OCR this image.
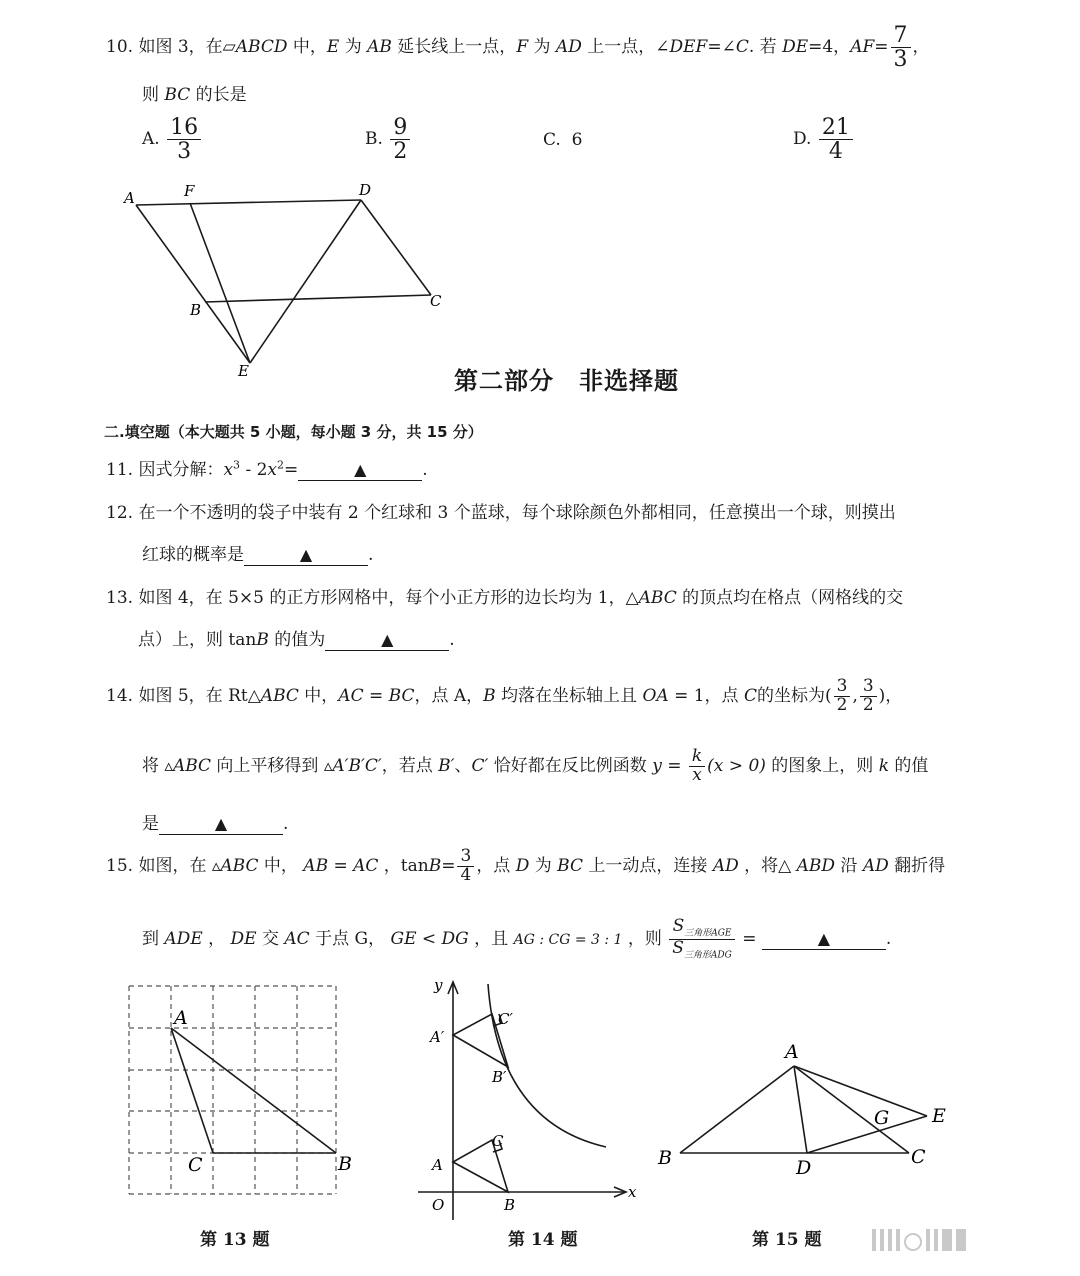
10. 如图 3，在▱ABCD 中，E 为 AB 延长线上一点，F 为 AD 上一点，∠DEF=∠C. 若 DE=4，$AF= \frac{7}{3}$ ，
则 BC 的长是
A. $\frac{16}{3}$	B. $\frac{9}{2}$	C. 6	D. $\frac{21}{4}$
A	F	D
B	C
E	第二部分　非选择题
二.填空题（本大题共 5 小题，每小题 3 分，共 15 分）
11. 因式分解：$x^3 - 2x^2=$	▲	.
12. 在一个不透明的袋子中装有 2 个红球和 3 个蓝球，每个球除颜色外都相同，任意摸出一个球，则摸出
红球的概率是	▲	.
13. 如图 4，在 5×5 的正方形网格中，每个小正方形的边长均为 1，△ABC 的顶点均在格点（网格线的交
点）上，则 tanB 的值为	▲	.
14. 如图 5，在 Rt△ABC 中，AC = BC，点 A，B 均落在坐标轴上且 OA = 1，点 C的坐标为( $\frac{3}{2}$ , $\frac{3}{2}$ )，
将 ▵ABC 向上平移得到 ▵A′B′C′，若点 B′、C′ 恰好都在反比例函数 $y = \frac{k}{x} (x > 0)$ 的图象上，则 k 的值
是	▲	.
15. 如图，在 ▵ABC 中， AB = AC ，$\tan B= \frac{3}{4}$ ，点 D 为 BC 上一动点，连接 AD ，将△ ABD 沿 AD 翻折得
到 ADE ， DE 交 AC 于点 G， GE < DG ，且 AG : CG = 3 : 1 ，则 $\frac{S_{三角形AGE}}{S_{三角形ADG}}$ =	▲	.
A
C	B
y
x
O
A
B
C
A′
B′
C′
A
B	D	C
G E
第 13 题	第 14 题	第 15 题
